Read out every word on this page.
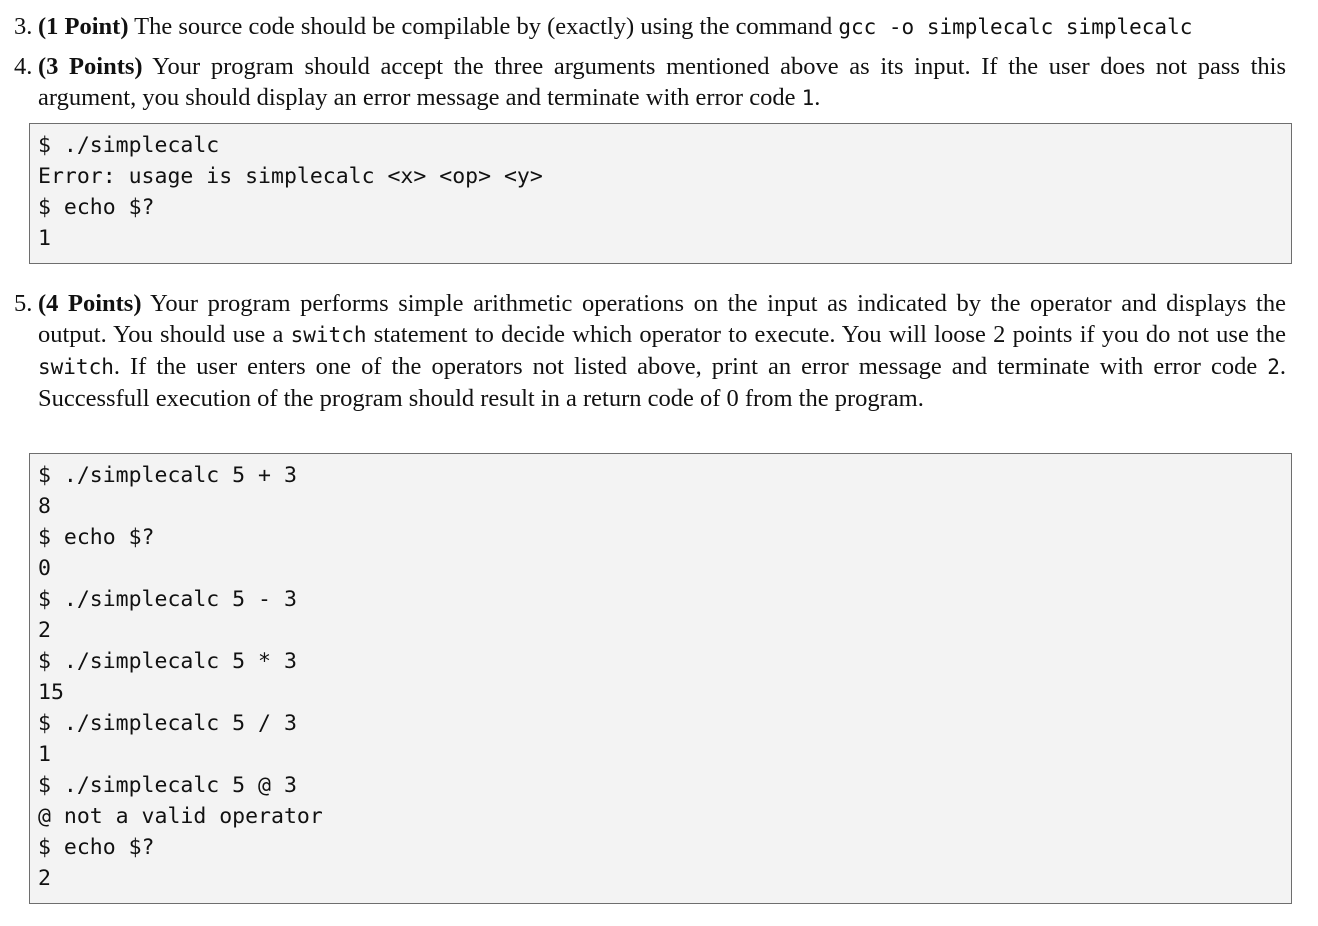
3. (1 Point) The source code should be compilable by (exactly) using the command gcc -o simplecalc simplecalc
4. (3 Points) Your program should accept the three arguments mentioned above as its input. If the user does not pass this argument, you should display an error message and terminate with error code 1.
$ ./simplecalc
Error: usage is simplecalc <x> <op> <y>
$ echo $?
1
5. (4 Points) Your program performs simple arithmetic operations on the input as indicated by the operator and displays the output. You should use a switch statement to decide which operator to execute. You will loose 2 points if you do not use the switch. If the user enters one of the operators not listed above, print an error message and terminate with error code 2. Successfull execution of the program should result in a return code of 0 from the program.
$ ./simplecalc 5 + 3
8
$ echo $?
0
$ ./simplecalc 5 - 3
2
$ ./simplecalc 5 * 3
15
$ ./simplecalc 5 / 3
1
$ ./simplecalc 5 @ 3
@ not a valid operator
$ echo $?
2
